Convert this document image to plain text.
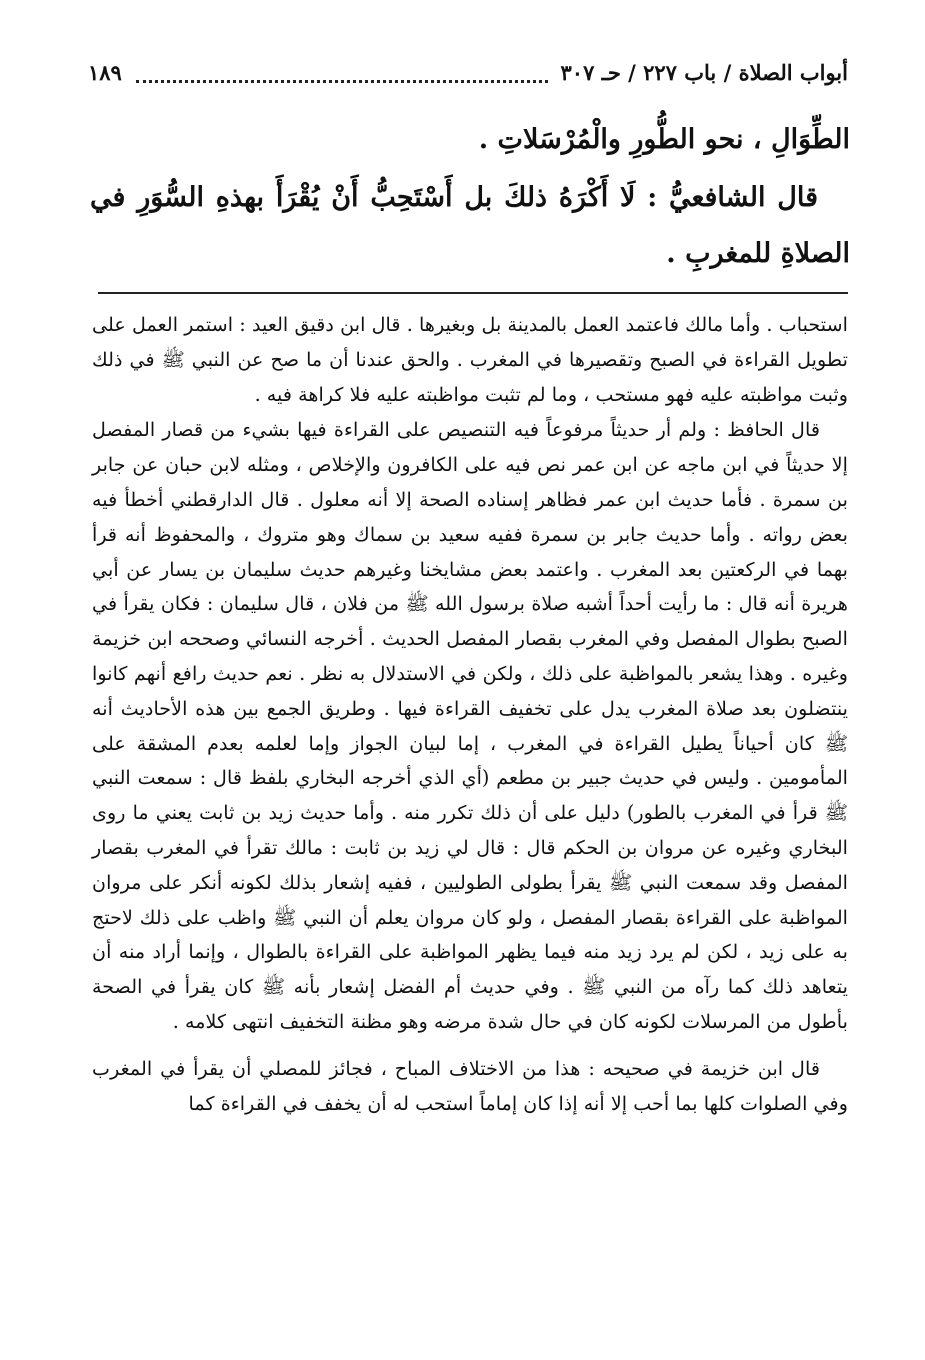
أبواب الصلاة / باب ٢٢٧ / حـ ٣٠٧
١٨٩

الطِّوَالِ ، نحو الطُّورِ والْمُرْسَلاتِ .

قال الشافعيُّ : لَا أَكْرَهُ ذلكَ بل أَسْتَحِبُّ أَنْ يُقْرَأَ بهذهِ السُّوَرِ في الصلاةِ للمغربِ .

استحباب . وأما مالك فاعتمد العمل بالمدينة بل وبغيرها . قال ابن دقيق العيد : استمر العمل على تطويل القراءة في الصبح وتقصيرها في المغرب . والحق عندنا أن ما صح عن النبي ﷺ في ذلك وثبت مواظبته عليه فهو مستحب ، وما لم تثبت مواظبته عليه فلا كراهة فيه .

قال الحافظ : ولم أر حديثاً مرفوعاً فيه التنصيص على القراءة فيها بشيء من قصار المفصل إلا حديثاً في ابن ماجه عن ابن عمر نص فيه على الكافرون والإخلاص ، ومثله لابن حبان عن جابر بن سمرة . فأما حديث ابن عمر فظاهر إسناده الصحة إلا أنه معلول . قال الدارقطني أخطأ فيه بعض رواته . وأما حديث جابر بن سمرة ففيه سعيد بن سماك وهو متروك ، والمحفوظ أنه قرأ بهما في الركعتين بعد المغرب . واعتمد بعض مشايخنا وغيرهم حديث سليمان بن يسار عن أبي هريرة أنه قال : ما رأيت أحداً أشبه صلاة برسول الله ﷺ من فلان ، قال سليمان : فكان يقرأ في الصبح بطوال المفصل وفي المغرب بقصار المفصل الحديث . أخرجه النسائي وصححه ابن خزيمة وغيره . وهذا يشعر بالمواظبة على ذلك ، ولكن في الاستدلال به نظر . نعم حديث رافع أنهم كانوا ينتضلون بعد صلاة المغرب يدل على تخفيف القراءة فيها . وطريق الجمع بين هذه الأحاديث أنه ﷺ كان أحياناً يطيل القراءة في المغرب ، إما لبيان الجواز وإما لعلمه بعدم المشقة على المأمومين . وليس في حديث جبير بن مطعم (أي الذي أخرجه البخاري بلفظ قال : سمعت النبي ﷺ قرأ في المغرب بالطور) دليل على أن ذلك تكرر منه . وأما حديث زيد بن ثابت يعني ما روى البخاري وغيره عن مروان بن الحكم قال : قال لي زيد بن ثابت : مالك تقرأ في المغرب بقصار المفصل وقد سمعت النبي ﷺ يقرأ بطولى الطوليين ، ففيه إشعار بذلك لكونه أنكر على مروان المواظبة على القراءة بقصار المفصل ، ولو كان مروان يعلم أن النبي ﷺ واظب على ذلك لاحتج به على زيد ، لكن لم يرد زيد منه فيما يظهر المواظبة على القراءة بالطوال ، وإنما أراد منه أن يتعاهد ذلك كما رآه من النبي ﷺ . وفي حديث أم الفضل إشعار بأنه ﷺ كان يقرأ في الصحة بأطول من المرسلات لكونه كان في حال شدة مرضه وهو مظنة التخفيف انتهى كلامه .

قال ابن خزيمة في صحيحه : هذا من الاختلاف المباح ، فجائز للمصلي أن يقرأ في المغرب وفي الصلوات كلها بما أحب إلا أنه إذا كان إماماً استحب له أن يخفف في القراءة كما
